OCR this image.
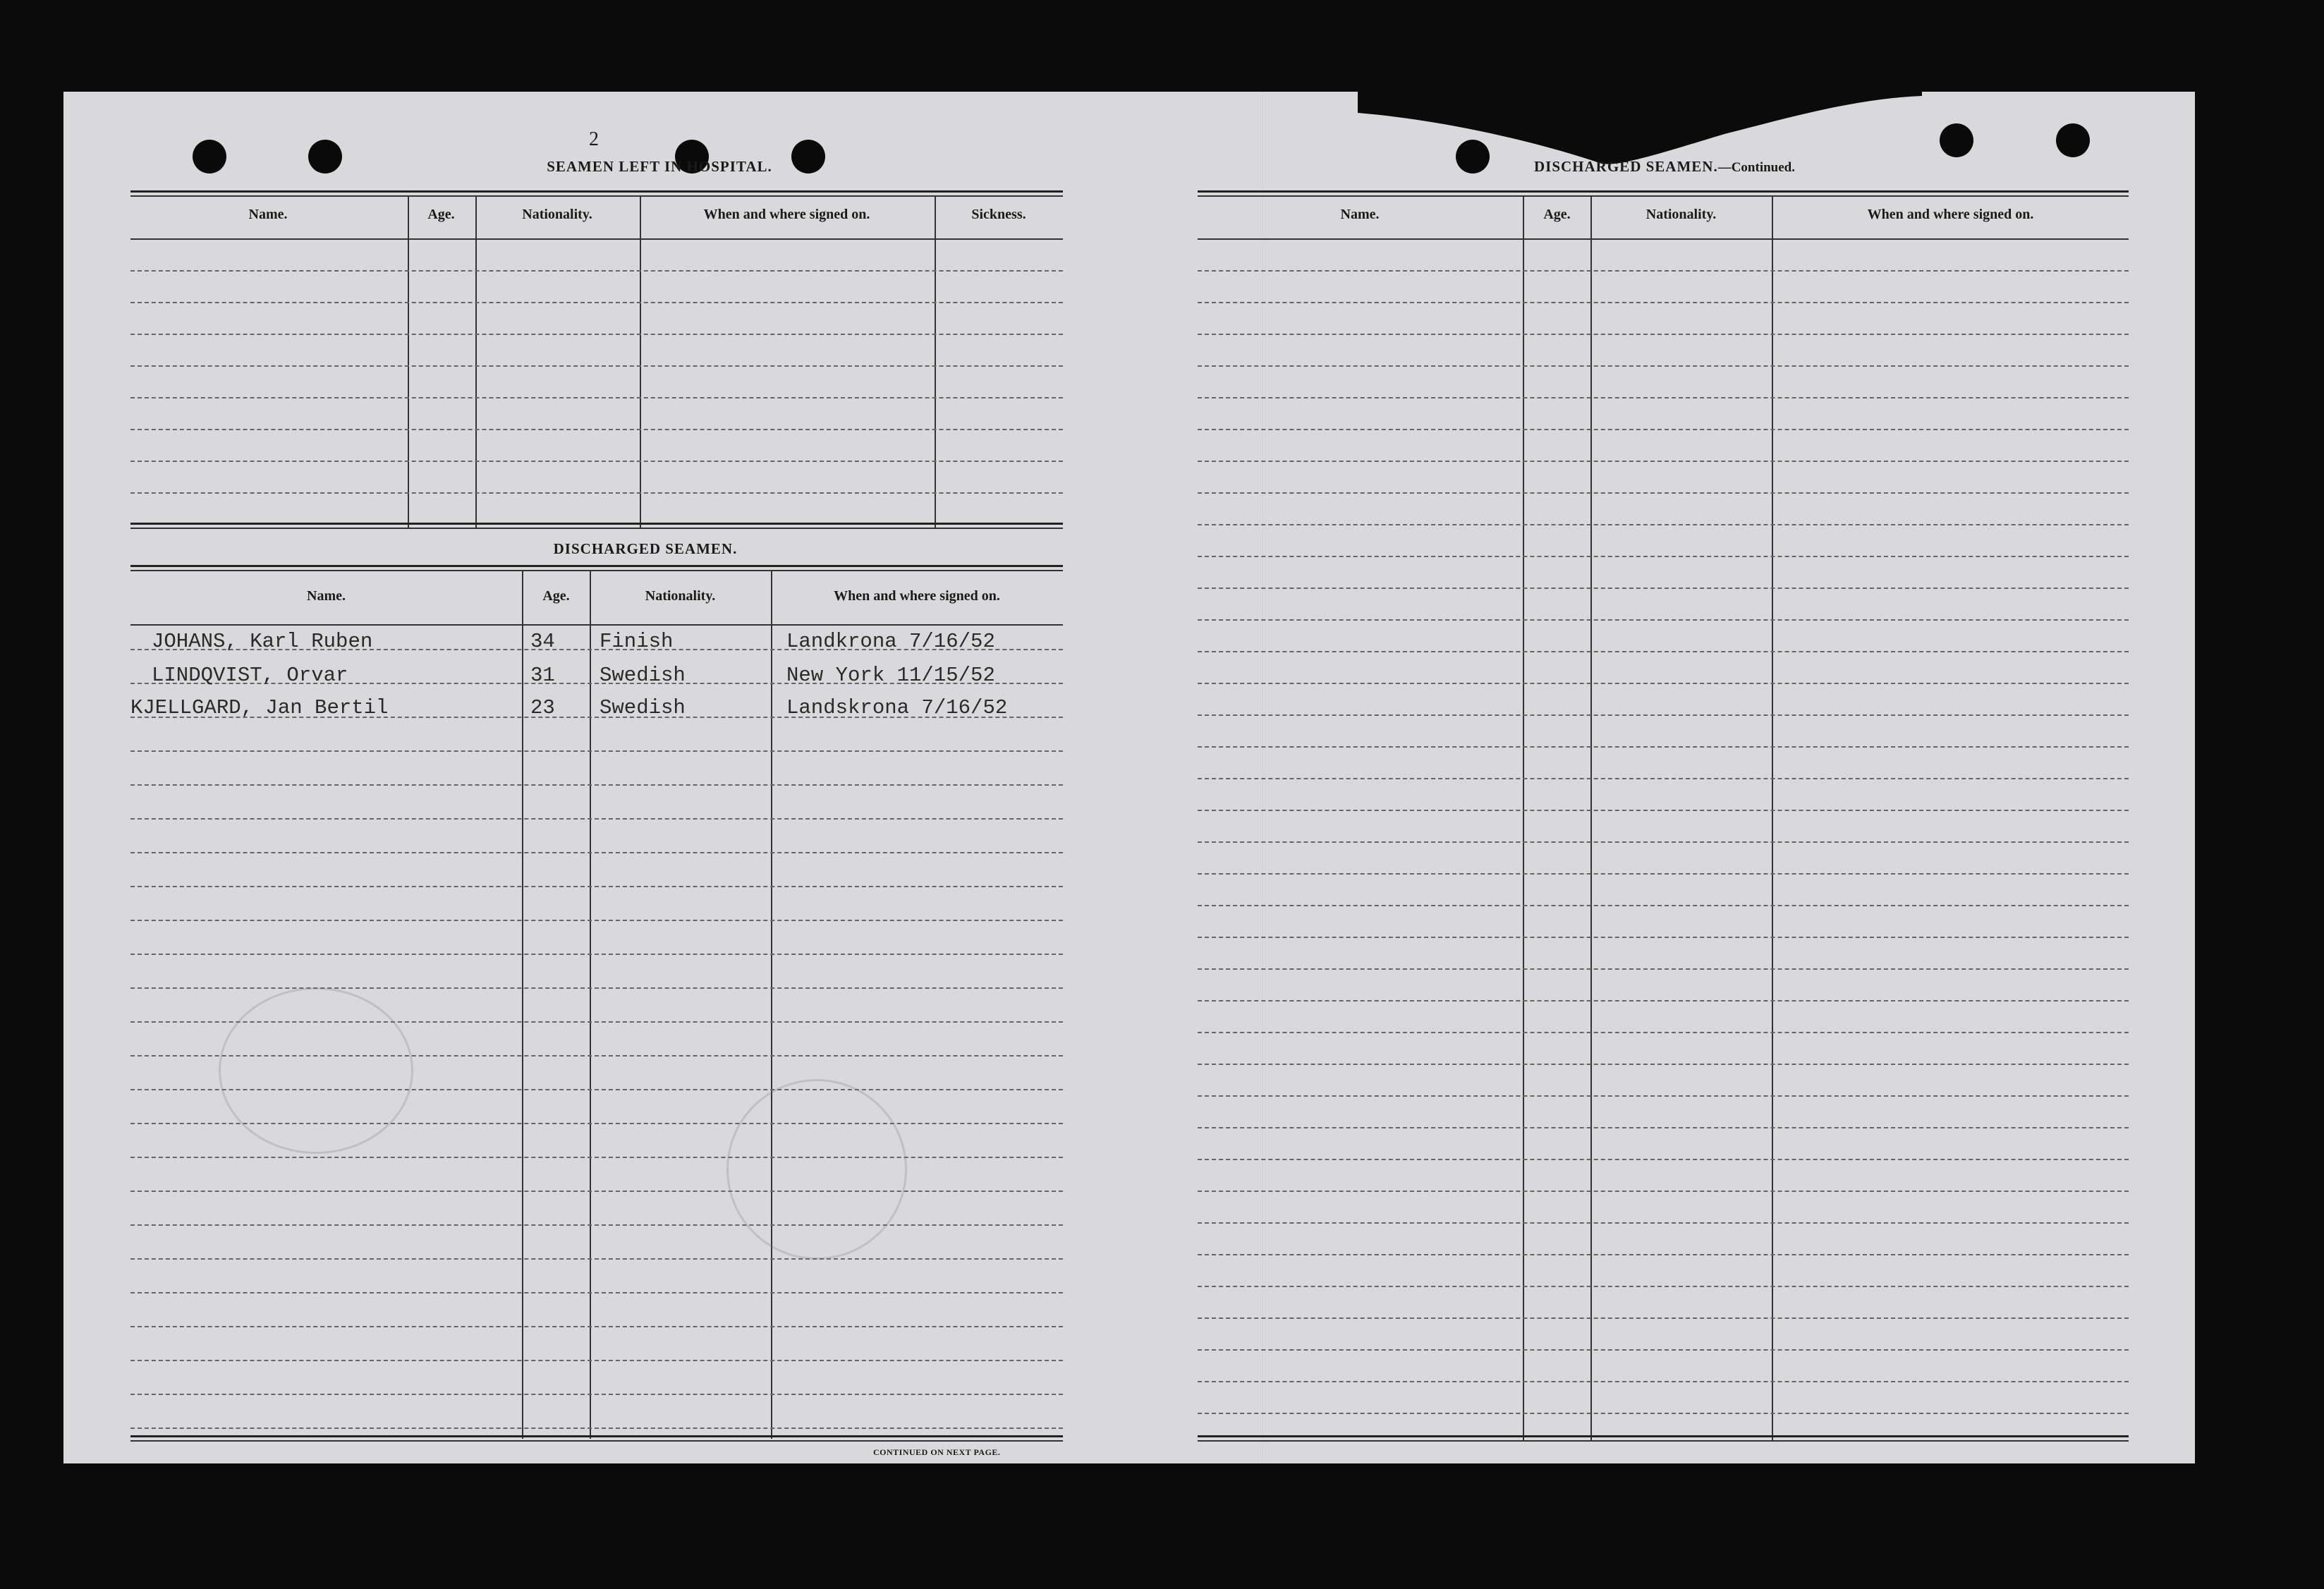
2
SEAMEN LEFT IN HOSPITAL.
Name.	Age.	Nationality.	When and where signed on.	Sickness.
DISCHARGED SEAMEN.
Name.	Age.	Nationality.	When and where signed on.
JOHANS, Karl Ruben	34 Finish	Landkrona 7/16/52
LINDQVIST, Orvar	31 Swedish	New York 11/15/52
KJELLGARD, Jan Bertil	23 Swedish	Landskrona 7/16/52
CONTINUED ON NEXT PAGE.
DISCHARGED SEAMEN.—Continued.
Name.	Age.	Nationality.	When and where signed on.
